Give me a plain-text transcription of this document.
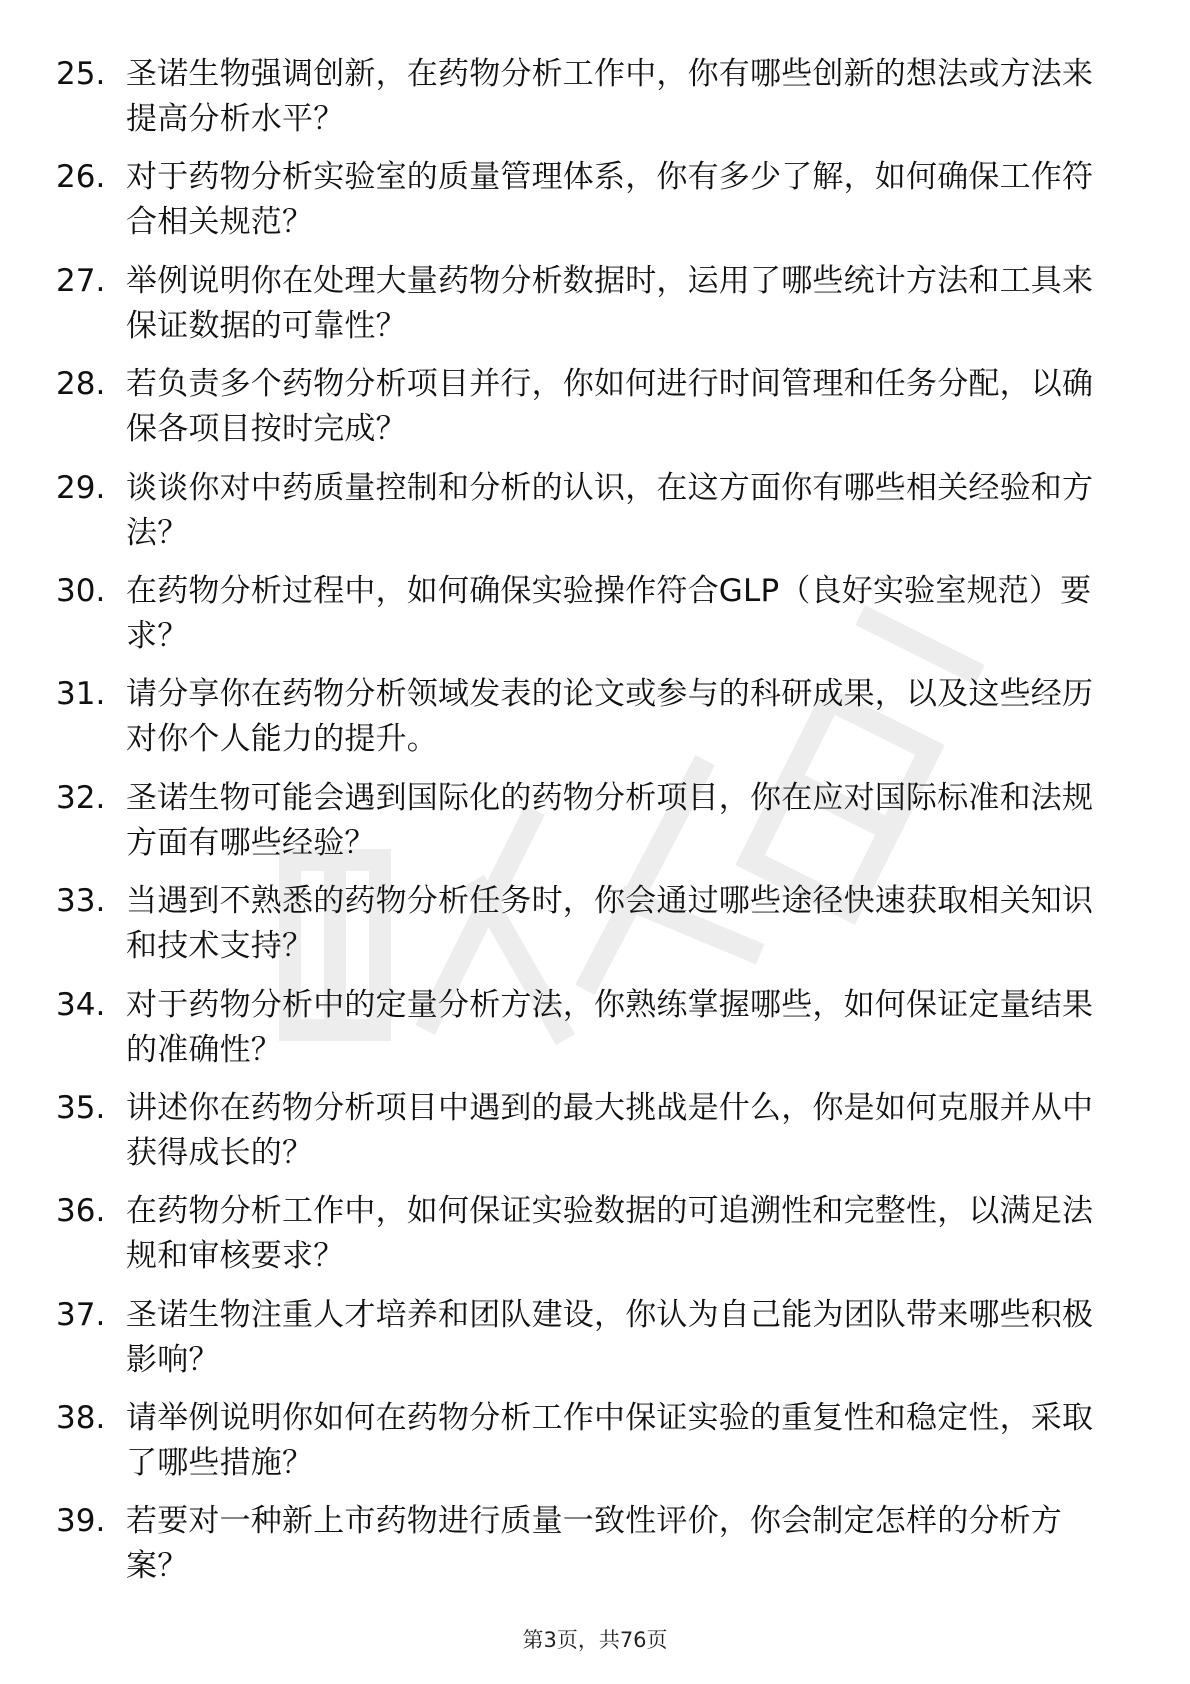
25. 圣诺生物强调创新，在药物分析工作中，你有哪些创新的想法或方法来提高分析水平？
26. 对于药物分析实验室的质量管理体系，你有多少了解，如何确保工作符合相关规范？
27. 举例说明你在处理大量药物分析数据时，运用了哪些统计方法和工具来保证数据的可靠性？
28. 若负责多个药物分析项目并行，你如何进行时间管理和任务分配，以确保各项目按时完成？
29. 谈谈你对中药质量控制和分析的认识，在这方面你有哪些相关经验和方法？
30. 在药物分析过程中，如何确保实验操作符合GLP（良好实验室规范）要求？
31. 请分享你在药物分析领域发表的论文或参与的科研成果，以及这些经历对你个人能力的提升。
32. 圣诺生物可能会遇到国际化的药物分析项目，你在应对国际标准和法规方面有哪些经验？
33. 当遇到不熟悉的药物分析任务时，你会通过哪些途径快速获取相关知识和技术支持？
34. 对于药物分析中的定量分析方法，你熟练掌握哪些，如何保证定量结果的准确性？
35. 讲述你在药物分析项目中遇到的最大挑战是什么，你是如何克服并从中获得成长的？
36. 在药物分析工作中，如何保证实验数据的可追溯性和完整性，以满足法规和审核要求？
37. 圣诺生物注重人才培养和团队建设，你认为自己能为团队带来哪些积极影响？
38. 请举例说明你如何在药物分析工作中保证实验的重复性和稳定性，采取了哪些措施？
39. 若要对一种新上市药物进行质量一致性评价，你会制定怎样的分析方案？
第3页，共76页
